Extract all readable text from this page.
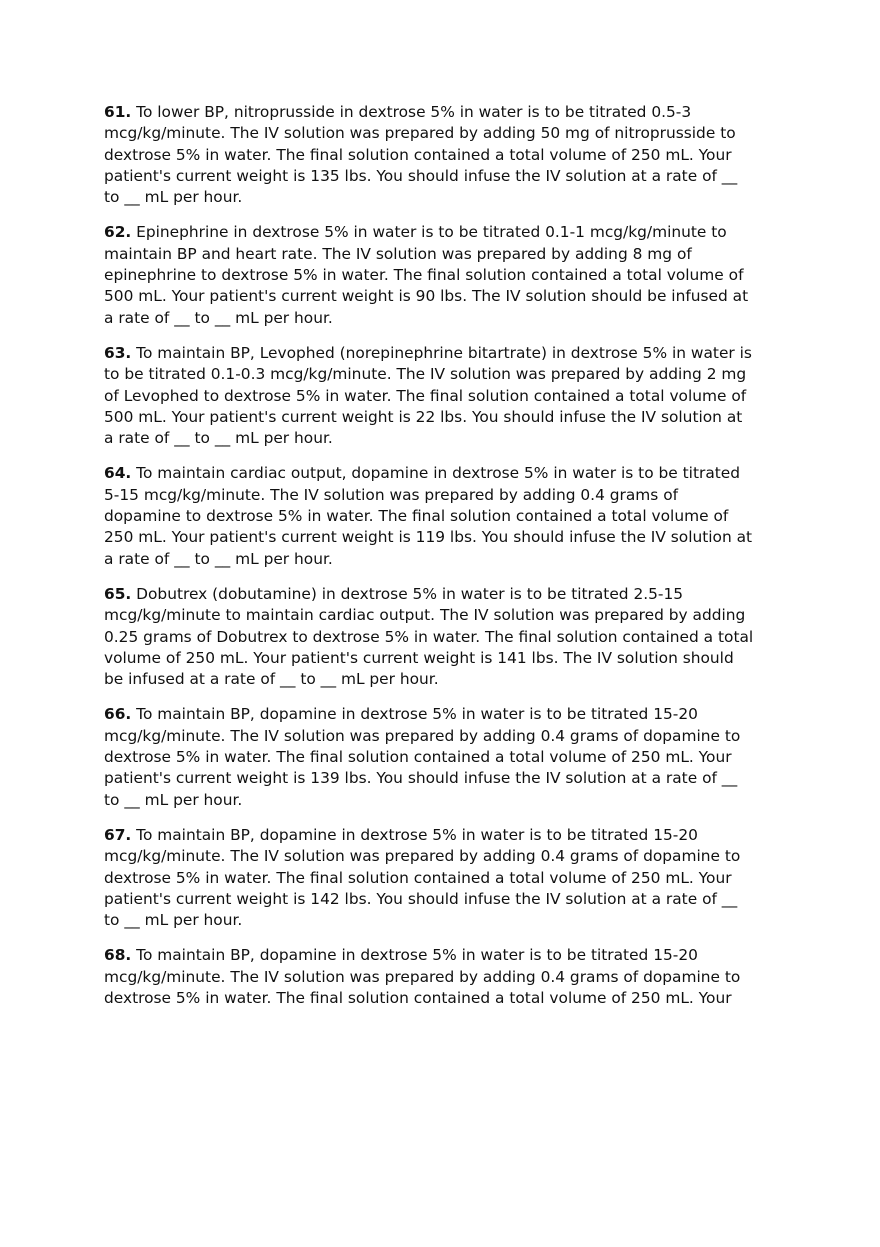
61. To lower BP, nitroprusside in dextrose 5% in water is to be titrated 0.5-3
mcg/kg/minute. The IV solution was prepared by adding 50 mg of nitroprusside to
dextrose 5% in water. The final solution contained a total volume of 250 mL. Your
patient's current weight is 135 lbs. You should infuse the IV solution at a rate of __
to __ mL per hour.
62. Epinephrine in dextrose 5% in water is to be titrated 0.1-1 mcg/kg/minute to
maintain BP and heart rate. The IV solution was prepared by adding 8 mg of
epinephrine to dextrose 5% in water. The final solution contained a total volume of
500 mL. Your patient's current weight is 90 lbs. The IV solution should be infused at
a rate of __ to __ mL per hour.
63. To maintain BP, Levophed (norepinephrine bitartrate) in dextrose 5% in water is
to be titrated 0.1-0.3 mcg/kg/minute. The IV solution was prepared by adding 2 mg
of Levophed to dextrose 5% in water. The final solution contained a total volume of
500 mL. Your patient's current weight is 22 lbs. You should infuse the IV solution at
a rate of __ to __ mL per hour.
64. To maintain cardiac output, dopamine in dextrose 5% in water is to be titrated
5-15 mcg/kg/minute. The IV solution was prepared by adding 0.4 grams of
dopamine to dextrose 5% in water. The final solution contained a total volume of
250 mL. Your patient's current weight is 119 lbs. You should infuse the IV solution at
a rate of __ to __ mL per hour.
65. Dobutrex (dobutamine) in dextrose 5% in water is to be titrated 2.5-15
mcg/kg/minute to maintain cardiac output. The IV solution was prepared by adding
0.25 grams of Dobutrex to dextrose 5% in water. The final solution contained a total
volume of 250 mL. Your patient's current weight is 141 lbs. The IV solution should
be infused at a rate of __ to __ mL per hour.
66. To maintain BP, dopamine in dextrose 5% in water is to be titrated 15-20
mcg/kg/minute. The IV solution was prepared by adding 0.4 grams of dopamine to
dextrose 5% in water. The final solution contained a total volume of 250 mL. Your
patient's current weight is 139 lbs. You should infuse the IV solution at a rate of __
to __ mL per hour.
67. To maintain BP, dopamine in dextrose 5% in water is to be titrated 15-20
mcg/kg/minute. The IV solution was prepared by adding 0.4 grams of dopamine to
dextrose 5% in water. The final solution contained a total volume of 250 mL. Your
patient's current weight is 142 lbs. You should infuse the IV solution at a rate of __
to __ mL per hour.
68. To maintain BP, dopamine in dextrose 5% in water is to be titrated 15-20
mcg/kg/minute. The IV solution was prepared by adding 0.4 grams of dopamine to
dextrose 5% in water. The final solution contained a total volume of 250 mL. Your
